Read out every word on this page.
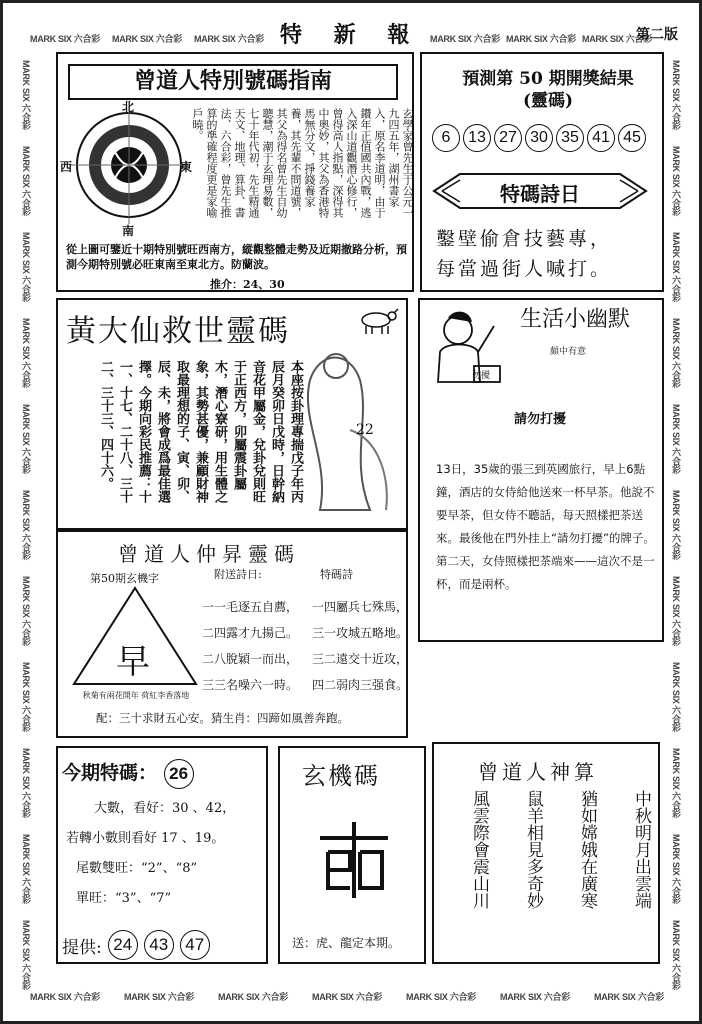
MARK SIX 六合彩 MARK SIX 六合彩 MARK SIX 六合彩	MARK SIX 六合彩 MARK SIX 六合彩 MARK SIX 六合彩
MARK SIX 六合彩	MARK SIX 六合彩	MARK SIX 六合彩	MARK SIX 六合彩	MARK SIX 六合彩	MARK SIX 六合彩	MARK SIX 六合彩
MARK SIX 六合彩
MARK SIX 六合彩
MARK SIX 六合彩
MARK SIX 六合彩
MARK SIX 六合彩
MARK SIX 六合彩
MARK SIX 六合彩
MARK SIX 六合彩
MARK SIX 六合彩
MARK SIX 六合彩
MARK SIX 六合彩
MARK SIX 六合彩
MARK SIX 六合彩
MARK SIX 六合彩
MARK SIX 六合彩
MARK SIX 六合彩
MARK SIX 六合彩
MARK SIX 六合彩
MARK SIX 六合彩
MARK SIX 六合彩
MARK SIX 六合彩
MARK SIX 六合彩
特 新 報	第二版
曾道人特別號碼指南
北
南
西	東	玄學家曾先生于公元一九四五年，湖州書家入，原名李道明，由于鑽年正值國共內戰，逃入深山道觀潛心修行，曾得高人指點，深得其中奧妙，其父為香港特馬無分文，掙錢養家養，其先輩不問道號，其父為得名曾先生自幼聰慧，潮于玄理易數，七十年代初，先生精通天文、地理、算卦、書法、六合彩，曾先生推算的準確程度更是家喻戶曉。
從上圖可鑒近十期特別號旺西南方，縱觀整體走勢及近期撤路分析，預測今期特別號必旺東南至東北方。防蘭波。
推介：24、30
預測第 50 期開獎結果
(靈碼)
6	13 27 30 35 41 45
特碼詩日
鑿壁偷倉技藝專，
每當過街人喊打。
黃大仙救世靈碼
本座按卦理專揣戊子年丙辰月癸卯日戊時，日幹納音花甲屬金，兌卦兌則旺于正西方，卯屬震卦屬木，潛心寮研，用生體之象，其勢甚優，兼顧財神取最理想的子、寅、卯、辰、未，將會成爲最佳選擇。今期向彩民推薦：十一、十七、二十八、三十二、三十三、四十六。	22
勿擾
生活小幽默
頗中有意
請勿打擾
13日，35歲的張三到英國旅行，早上6點鐘，酒店的女侍給他送來一杯早茶。他說不要早茶，但女侍不聽話，每天照樣把茶送來。最後他在門外挂上“請勿打擾”的牌子。第二天，女侍照樣把茶端來——這次不是一杯，而是兩杯。
曾道人仲昇靈碼
第50期玄機字	附送詩日:	特碼詩
早
秋菊有兩花開年 荷紅李香落地
一一毛逐五自薦， 一四屬兵七殊馬，
二四露才九揚己。 三一攻城五略地。
二八脫穎一而出， 三二遠交十近攻，
三三名噪六一時。 四二弱肉三强食。
配：三十求財五心安。猜生肖：四蹄如風善奔跑。
今期特碼： 26
大數，看好：30 、42，
若轉小數則看好 17 、19。
尾數雙旺：“2”、“8”
單旺：“3”、“7”
提供: 24	43	47
玄機碼
送：虎、龍定本期。
曾道人神算
風雲際會震山川 鼠羊相見多奇妙 猶如嫦娥在廣寒 中秋明月出雲端
